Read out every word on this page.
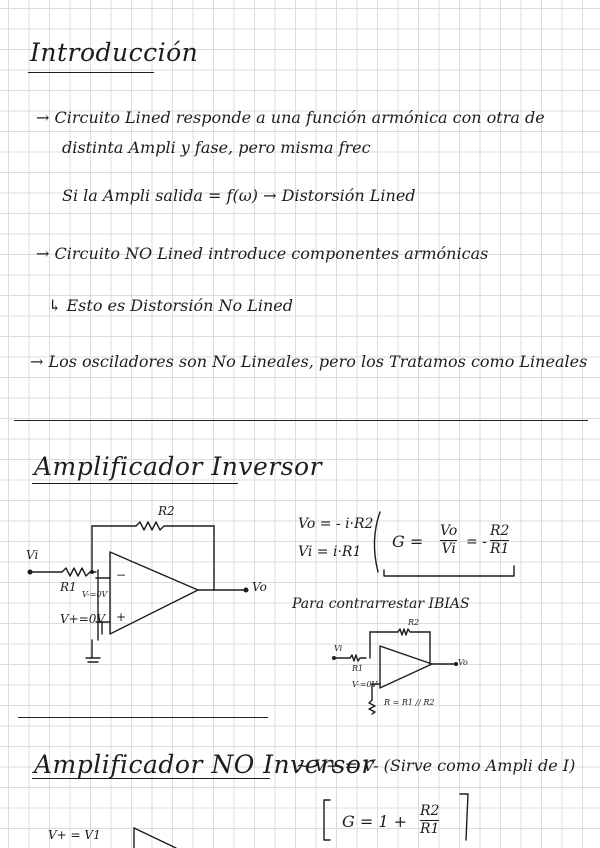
Introducción
→ Circuito Lined responde a una función armónica con otra de
distinta Ampli y fase, pero misma frec
Si la Ampli salida = f(ω) → Distorsión Lined
→ Circuito NO Lined introduce componentes armónicas
↳ Esto es Distorsión No Lined
→ Los osciladores son No Lineales, pero los Tratamos como Lineales
Amplificador Inversor
Vi
R1
R2
V-=0V
V+=0V
−
+
Vo
Vo = - i·R2
Vi = i·R1
G =
Vo
Vi = -
R2
R1
Para contrarrestar IBIAS
R2
Vi
R1
V-=0V
Vo
R = R1 // R2
Amplificador NO Inversor
~ V+ = V- (Sirve como Ampli de I)
G = 1 +
R2
R1
V+ = V1
